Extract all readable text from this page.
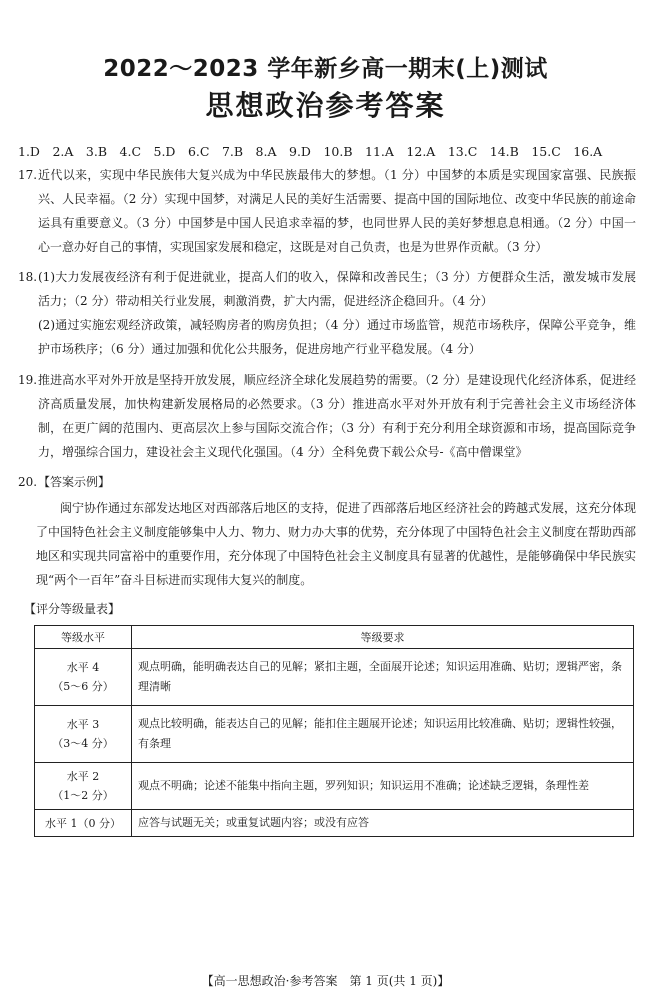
2022～2023 学年新乡高一期末(上)测试
思想政治参考答案
1.D　2.A　3.B　4.C　5.D　6.C　7.B　8.A　9.D　10.B　11.A　12.A　13.C　14.B　15.C　16.A
17. 近代以来，实现中华民族伟大复兴成为中华民族最伟大的梦想。（1 分）中国梦的本质是实现国家富强、民族振兴、人民幸福。（2 分）实现中国梦，对满足人民的美好生活需要、提高中国的国际地位、改变中华民族的前途命运具有重要意义。（3 分）中国梦是中国人民追求幸福的梦，也同世界人民的美好梦想息息相通。（2 分）中国一心一意办好自己的事情，实现国家发展和稳定，这既是对自己负责，也是为世界作贡献。（3 分）
18. (1)大力发展夜经济有利于促进就业，提高人们的收入，保障和改善民生；（3 分）方便群众生活，激发城市发展活力；（2 分）带动相关行业发展，刺激消费，扩大内需，促进经济企稳回升。（4 分）

(2)通过实施宏观经济政策，减轻购房者的购房负担；（4 分）通过市场监管，规范市场秩序，保障公平竞争，维护市场秩序；（6 分）通过加强和优化公共服务，促进房地产行业平稳发展。（4 分）

19. 推进高水平对外开放是坚持开放发展，顺应经济全球化发展趋势的需要。（2 分）是建设现代化经济体系，促进经济高质量发展，加快构建新发展格局的必然要求。（3 分）推进高水平对外开放有利于完善社会主义市场经济体制，在更广阔的范围内、更高层次上参与国际交流合作；（3 分）有利于充分利用全球资源和市场，提高国际竞争力，增强综合国力，建设社会主义现代化强国。（4 分）全科免费下载公众号-《高中僧课堂》
20. 【答案示例】
闽宁协作通过东部发达地区对西部落后地区的支持，促进了西部落后地区经济社会的跨越式发展，这充分体现了中国特色社会主义制度能够集中人力、物力、财力办大事的优势，充分体现了中国特色社会主义制度在帮助西部地区和实现共同富裕中的重要作用，充分体现了中国特色社会主义制度具有显著的优越性，是能够确保中华民族实现“两个一百年”奋斗目标进而实现伟大复兴的制度。
【评分等级量表】
等级水平	等级要求

水平 4
（5～6 分）	观点明确，能明确表达自己的见解；紧扣主题，全面展开论述；知识运用准确、贴切；逻辑严密，条理清晰

水平 3
（3～4 分）	观点比较明确，能表达自己的见解；能扣住主题展开论述；知识运用比较准确、贴切；逻辑性较强，有条理

水平 2
（1～2 分）	观点不明确；论述不能集中指向主题，罗列知识；知识运用不准确；论述缺乏逻辑，条理性差

水平 1（0 分）	应答与试题无关；或重复试题内容；或没有应答
【高一思想政治·参考答案　第 1 页(共 1 页)】
